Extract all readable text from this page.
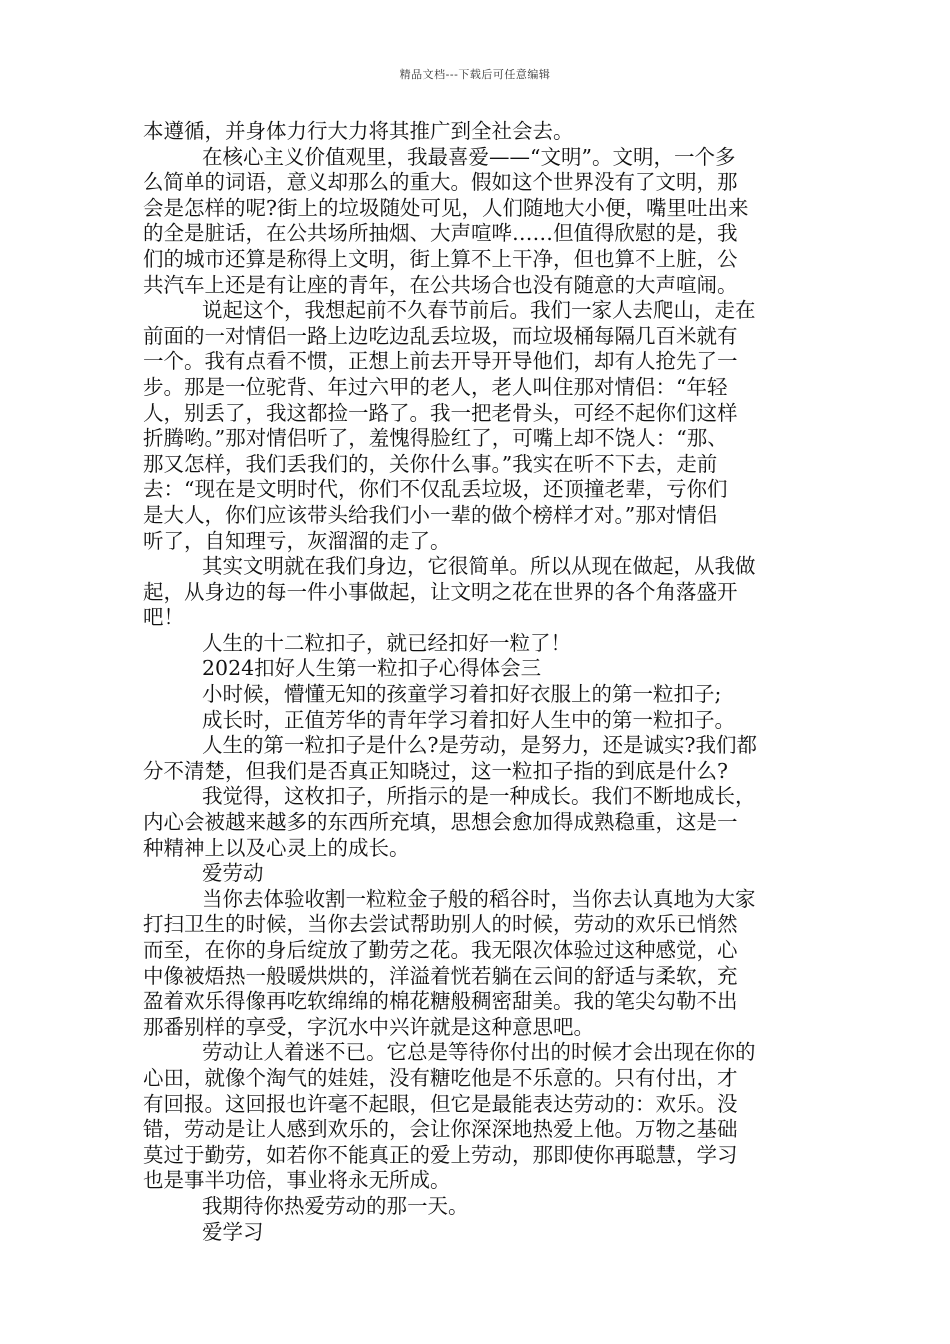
精品文档---下载后可任意编辑
本遵循，并身体力行大力将其推广到全社会去。
在核心主义价值观里，我最喜爱——“文明”。文明，一个多
么简单的词语，意义却那么的重大。假如这个世界没有了文明，那
会是怎样的呢?街上的垃圾随处可见，人们随地大小便，嘴里吐出来
的全是脏话，在公共场所抽烟、大声喧哗……但值得欣慰的是，我
们的城市还算是称得上文明，街上算不上干净，但也算不上脏，公
共汽车上还是有让座的青年，在公共场合也没有随意的大声喧闹。
说起这个，我想起前不久春节前后。我们一家人去爬山，走在
前面的一对情侣一路上边吃边乱丢垃圾，而垃圾桶每隔几百米就有
一个。我有点看不惯，正想上前去开导开导他们，却有人抢先了一
步。那是一位驼背、年过六甲的老人，老人叫住那对情侣：“年轻
人，别丢了，我这都捡一路了。我一把老骨头，可经不起你们这样
折腾哟。”那对情侣听了，羞愧得脸红了，可嘴上却不饶人：“那、
那又怎样，我们丢我们的，关你什么事。”我实在听不下去，走前
去：“现在是文明时代，你们不仅乱丢垃圾，还顶撞老辈，亏你们
是大人，你们应该带头给我们小一辈的做个榜样才对。”那对情侣
听了，自知理亏，灰溜溜的走了。
其实文明就在我们身边，它很简单。所以从现在做起，从我做
起，从身边的每一件小事做起，让文明之花在世界的各个角落盛开
吧！
人生的十二粒扣子，就已经扣好一粒了！
2024扣好人生第一粒扣子心得体会三
小时候，懵懂无知的孩童学习着扣好衣服上的第一粒扣子;
成长时，正值芳华的青年学习着扣好人生中的第一粒扣子。
人生的第一粒扣子是什么?是劳动，是努力，还是诚实?我们都
分不清楚，但我们是否真正知晓过，这一粒扣子指的到底是什么?
我觉得，这枚扣子，所指示的是一种成长。我们不断地成长，
内心会被越来越多的东西所充填，思想会愈加得成熟稳重，这是一
种精神上以及心灵上的成长。
爱劳动
当你去体验收割一粒粒金子般的稻谷时，当你去认真地为大家
打扫卫生的时候，当你去尝试帮助别人的时候，劳动的欢乐已悄然
而至，在你的身后绽放了勤劳之花。我无限次体验过这种感觉，心
中像被焐热一般暖烘烘的，洋溢着恍若躺在云间的舒适与柔软，充
盈着欢乐得像再吃软绵绵的棉花糖般稠密甜美。我的笔尖勾勒不出
那番别样的享受，字沉水中兴许就是这种意思吧。
劳动让人着迷不已。它总是等待你付出的时候才会出现在你的
心田，就像个淘气的娃娃，没有糖吃他是不乐意的。只有付出，才
有回报。这回报也许毫不起眼，但它是最能表达劳动的：欢乐。没
错，劳动是让人感到欢乐的，会让你深深地热爱上他。万物之基础
莫过于勤劳，如若你不能真正的爱上劳动，那即使你再聪慧，学习
也是事半功倍，事业将永无所成。
我期待你热爱劳动的那一天。
爱学习
